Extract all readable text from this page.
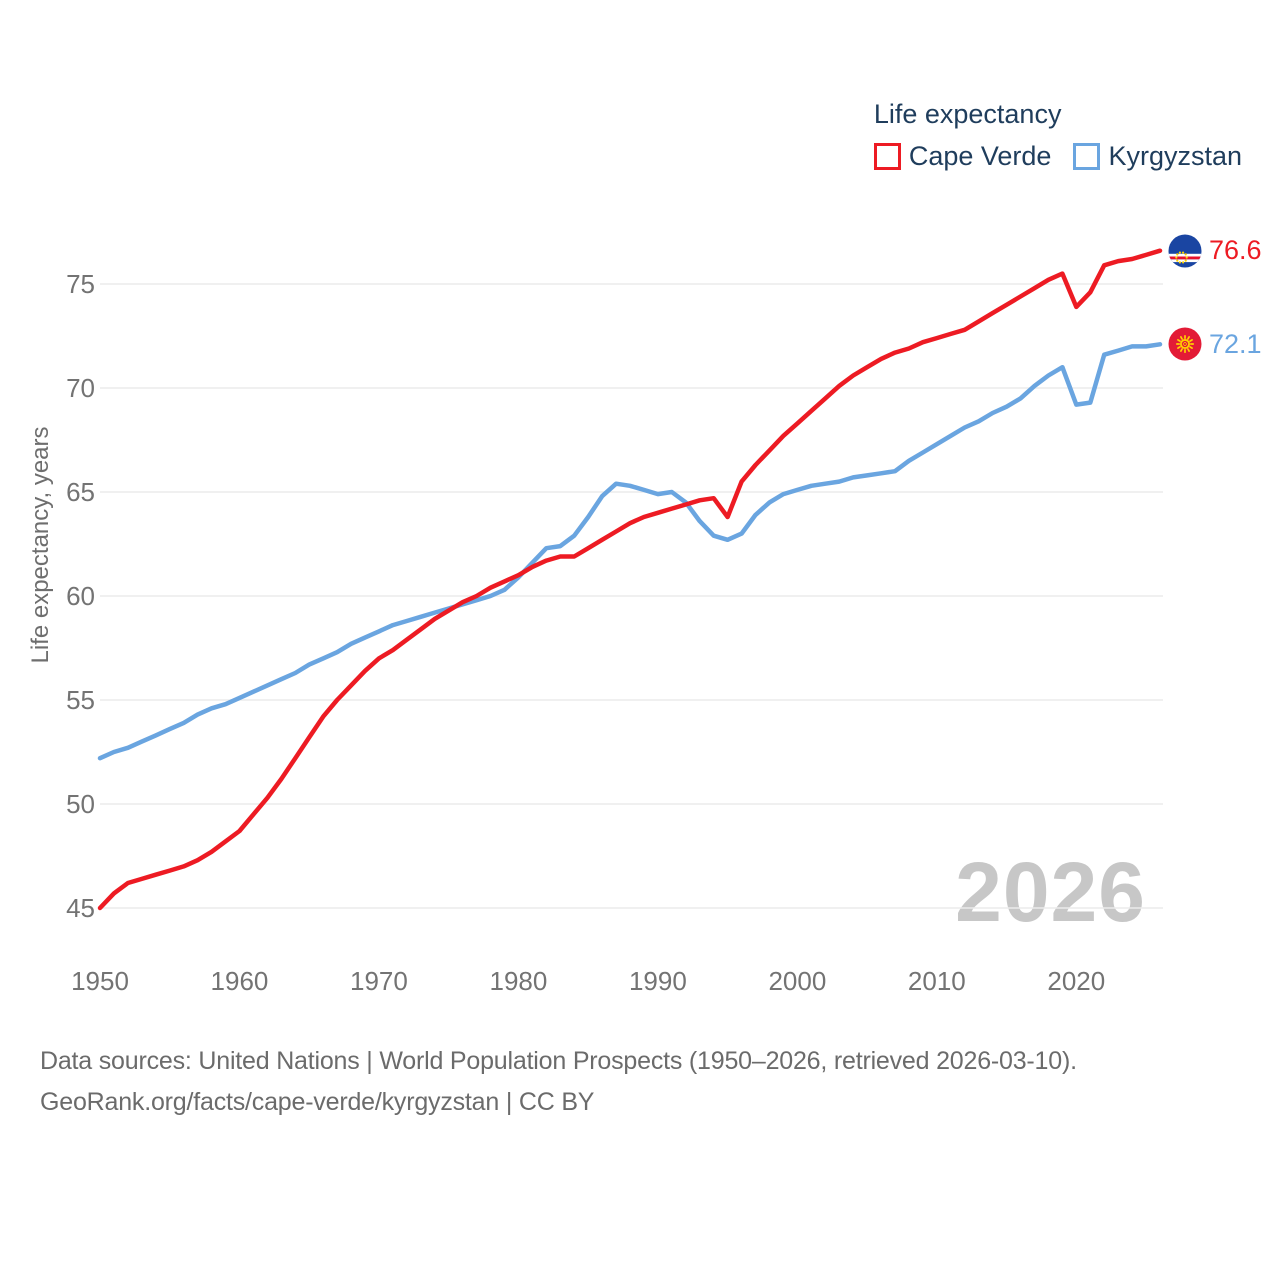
2026
Life expectancy
Cape Verde Kyrgyzstan
Life expectancy, years
45
50
55
60
65
70
75
1950	1960	1970	1980	1990	2000	2010	2020
76.6
72.1
Data sources: United Nations | World Population Prospects (1950–2026, retrieved 2026-03-10).
GeoRank.org/facts/cape-verde/kyrgyzstan | CC BY
